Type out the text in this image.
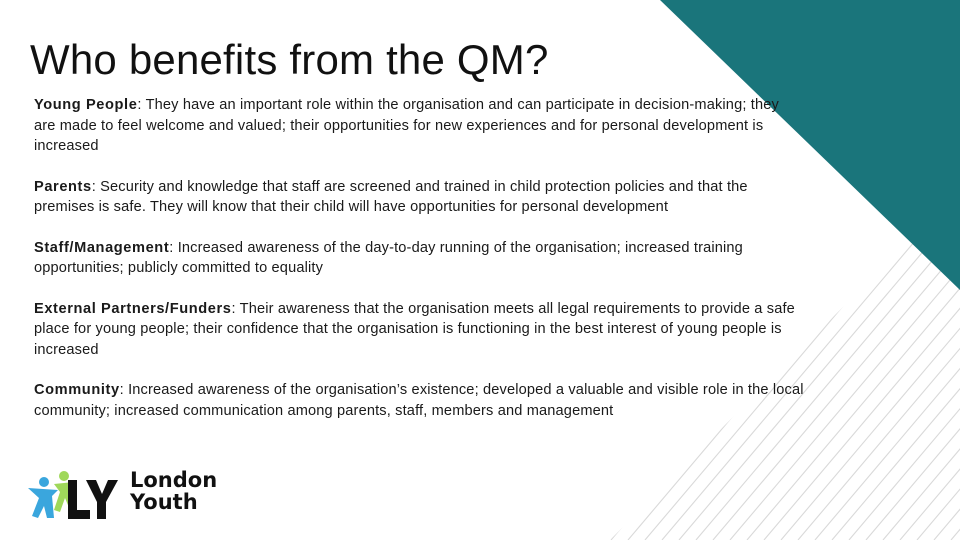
Who benefits from the QM?

Young People: They have an important role within the organisation and can participate in decision-making; they are made to feel welcome and valued; their opportunities for new experiences and for personal development is increased

Parents: Security and knowledge that staff are screened and trained in child protection policies and that the premises is safe. They will know that their child will have opportunities for personal development

Staff/Management: Increased awareness of the day-to-day running of the organisation; increased training opportunities; publicly committed to equality

External Partners/Funders: Their awareness that the organisation meets all legal requirements to provide a safe place for young people; their confidence that the organisation is functioning in the best interest of young people is increased

Community: Increased awareness of the organisation’s existence; developed a valuable and visible role in the local community; increased communication among parents, staff, members and management

London
Youth
